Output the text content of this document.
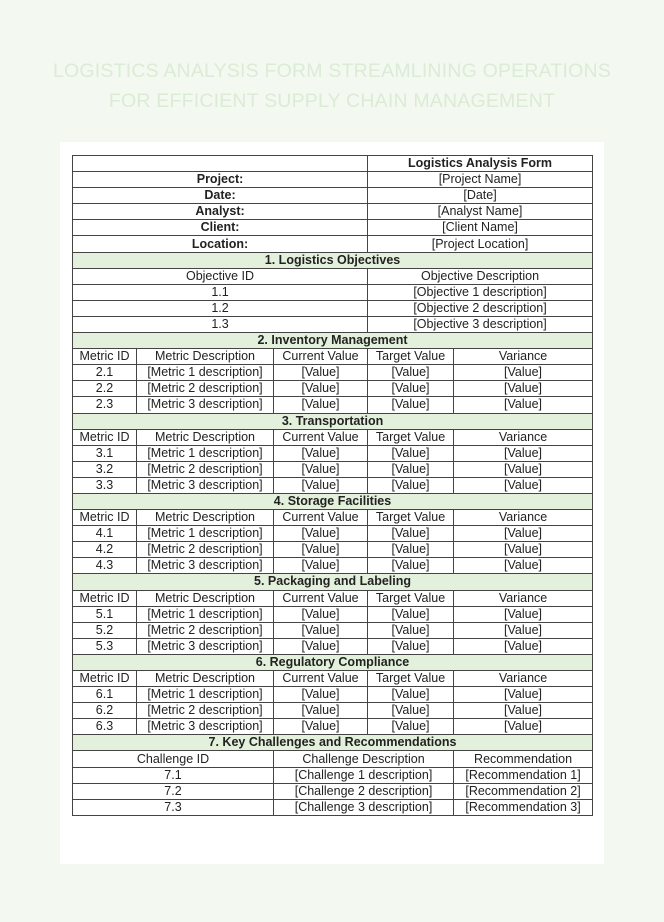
LOGISTICS ANALYSIS FORM STREAMLINING OPERATIONS FOR EFFICIENT SUPPLY CHAIN MANAGEMENT
			Logistics Analysis Form	
Project:			[Project Name]	
Date:			[Date]	
Analyst:			[Analyst Name]	
Client:			[Client Name]	
Location:			[Project Location]	
1. Logistics Objectives				
Objective ID			Objective Description	
1.1			[Objective 1 description]	
1.2			[Objective 2 description]	
1.3			[Objective 3 description]	
2. Inventory Management				
Metric ID	Metric Description	Current Value	Target Value	Variance
2.1	[Metric 1 description]	[Value]	[Value]	[Value]
2.2	[Metric 2 description]	[Value]	[Value]	[Value]
2.3	[Metric 3 description]	[Value]	[Value]	[Value]
3. Transportation				
Metric ID	Metric Description	Current Value	Target Value	Variance
3.1	[Metric 1 description]	[Value]	[Value]	[Value]
3.2	[Metric 2 description]	[Value]	[Value]	[Value]
3.3	[Metric 3 description]	[Value]	[Value]	[Value]
4. Storage Facilities				
Metric ID	Metric Description	Current Value	Target Value	Variance
4.1	[Metric 1 description]	[Value]	[Value]	[Value]
4.2	[Metric 2 description]	[Value]	[Value]	[Value]
4.3	[Metric 3 description]	[Value]	[Value]	[Value]
5. Packaging and Labeling				
Metric ID	Metric Description	Current Value	Target Value	Variance
5.1	[Metric 1 description]	[Value]	[Value]	[Value]
5.2	[Metric 2 description]	[Value]	[Value]	[Value]
5.3	[Metric 3 description]	[Value]	[Value]	[Value]
6. Regulatory Compliance				
Metric ID	Metric Description	Current Value	Target Value	Variance
6.1	[Metric 1 description]	[Value]	[Value]	[Value]
6.2	[Metric 2 description]	[Value]	[Value]	[Value]
6.3	[Metric 3 description]	[Value]	[Value]	[Value]
7. Key Challenges and Recommendations				
Challenge ID		Challenge Description		Recommendation
7.1		[Challenge 1 description]		[Recommendation 1]
7.2		[Challenge 2 description]		[Recommendation 2]
7.3		[Challenge 3 description]		[Recommendation 3]
